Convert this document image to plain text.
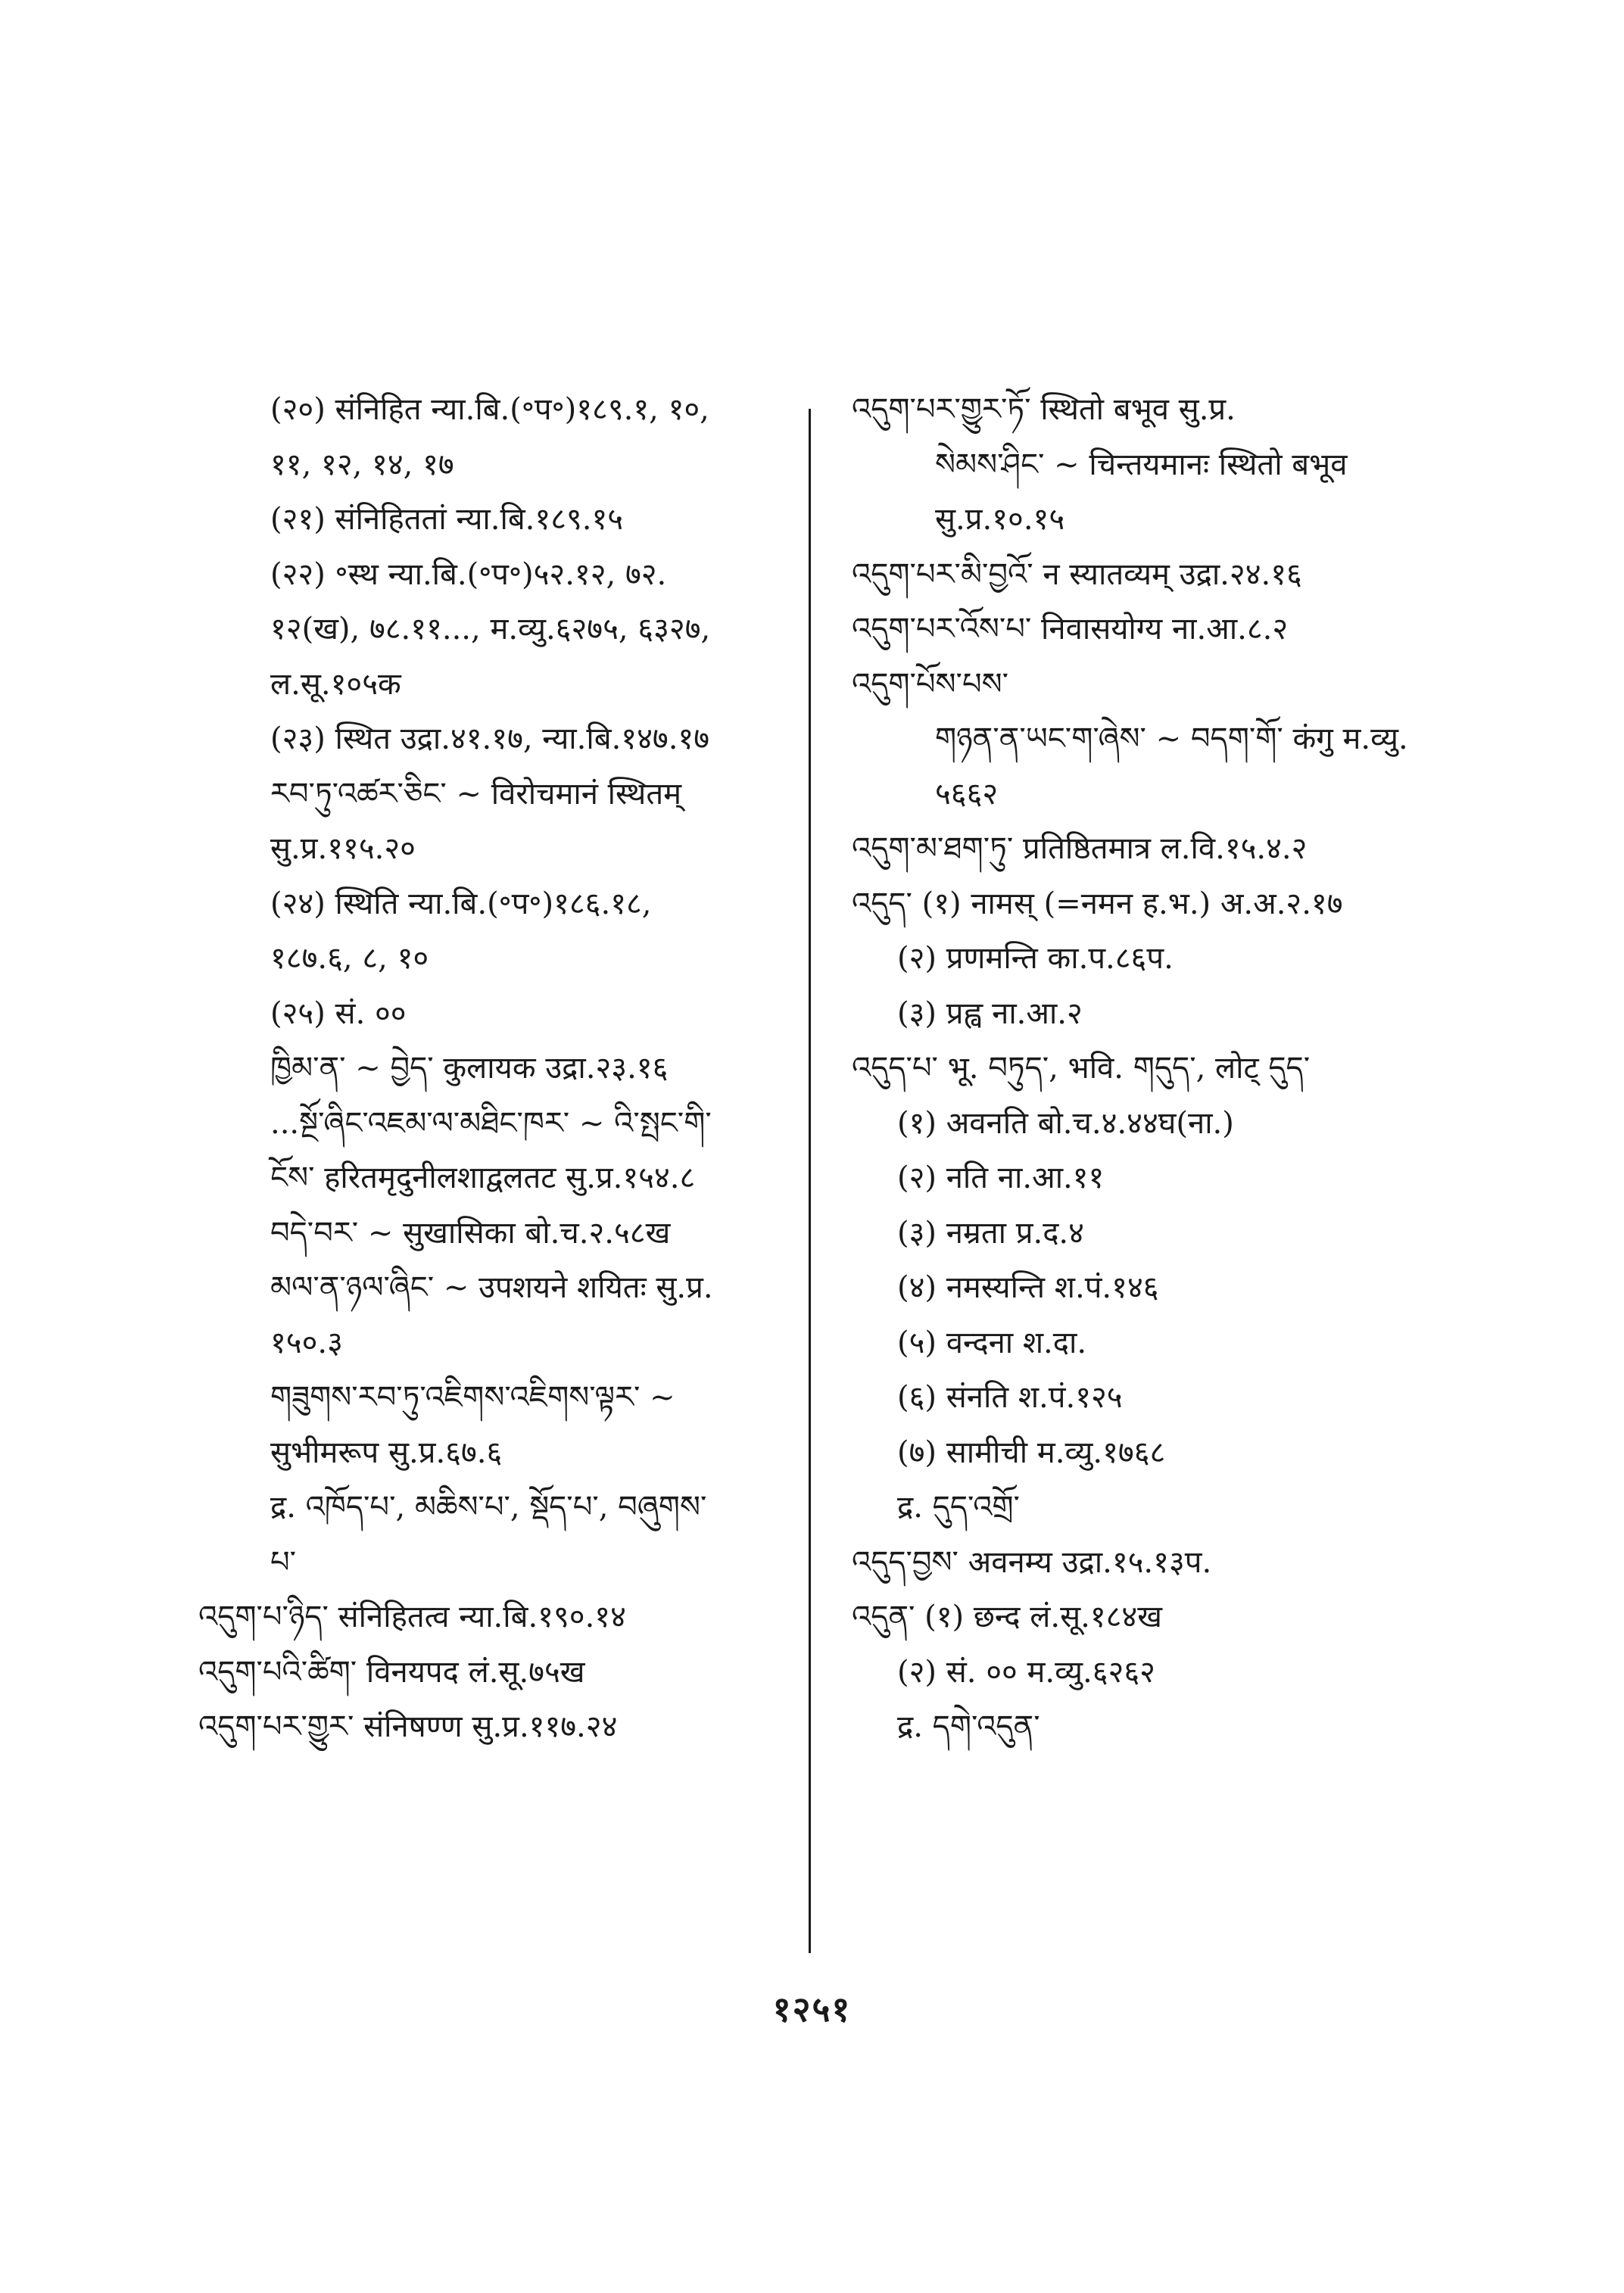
(२०) संनिहित न्या.बि.(॰प॰)१८९.१, १०,
११, १२, १४, १७
(२१) संनिहिततां न्या.बि.१८९.१५
(२२) ॰स्थ न्या.बि.(॰प॰)५२.१२, ७२.
१२(ख), ७८.११..., म.व्यु.६२७५, ६३२७,
ल.सू.१०५क
(२३) स्थित उद्रा.४१.१७, न्या.बि.१४७.१७
རབ་ཏུ་འཚར་ཅིང་ ~ विरोचमानं स्थितम्
सु.प्र.११५.२०
(२४) स्थिति न्या.बि.(॰प॰)१८६.१८,
१८७.६, ८, १०
(२५) सं. ००
ཁྱིམ་ན་ ~ བྱེད་ कुलायक उद्रा.२३.१६
...སྔོ་ཞིང་འཇམ་ལ་མཐིང་ཁར་ ~ འི་སྤང་གི་
ངོས་ हरितमृदुनीलशाद्वलतट सु.प्र.१५४.८
བདེ་བར་ ~ सुखासिका बो.च.२.५८ख
མལ་ན་ཉལ་ཞིང་ ~ उपशयने शयितः सु.प्र.
१५०.३
གཟུགས་རབ་ཏུ་འཇིགས་འཇིགས་ལྟར་ ~
सुभीमरूप सु.प्र.६७.६
द्र. འཁོད་པ་, མཆིས་པ་, སྡོད་པ་, བཞུགས་
པ་
འདུག་པ་ཉིད་ संनिहितत्व न्या.बि.१९०.१४
འདུག་པའི་ཚིག་ विनयपद लं.सू.७५ख
འདུག་པར་གྱུར་ संनिषण्ण सु.प्र.११७.२४
འདུག་པར་གྱུར་ཏོ་ स्थितो बभूव सु.प्र.
སེམས་ཤིང་ ~ चिन्तयमानः स्थितो बभूव
सु.प्र.१०.१५
འདུག་པར་མི་བྱའོ་ न स्यातव्यम् उद्रा.२४.१६
འདུག་པར་འོས་པ་ निवासयोग्य ना.आ.८.२
འདུག་པོས་པས་
གཉན་ན་ཡང་ག་ཞེས་ ~ བདག་གོ་ कंगु म.व्यु.
५६६२
འདུག་མ་ཐག་ཏུ་ प्रतिष्ठितमात्र ल.वि.१५.४.२
འདུད་ (१) नामस् (=नमन ह.भ.) अ.अ.२.१७
(२) प्रणमन्ति का.प.८६प.
(३) प्रह्व ना.आ.२
འདུད་པ་ भू. བཏུད་, भवि. གདུད་, लोट् དུད་
(१) अवनति बो.च.४.४४घ(ना.)
(२) नति ना.आ.११
(३) नम्रता प्र.द.४
(४) नमस्यन्ति श.पं.१४६
(५) वन्दना श.दा.
(६) संनति श.पं.१२५
(७) सामीची म.व्यु.१७६८
द्र. དུད་འགྲོ་
འདུད་བྱས་ अवनम्य उद्रा.१५.१३प.
འདུན་ (१) छन्द लं.सू.१८४ख
(२) सं. ०० म.व्यु.६२६२
द्र. དགེ་འདུན་
१२५१
